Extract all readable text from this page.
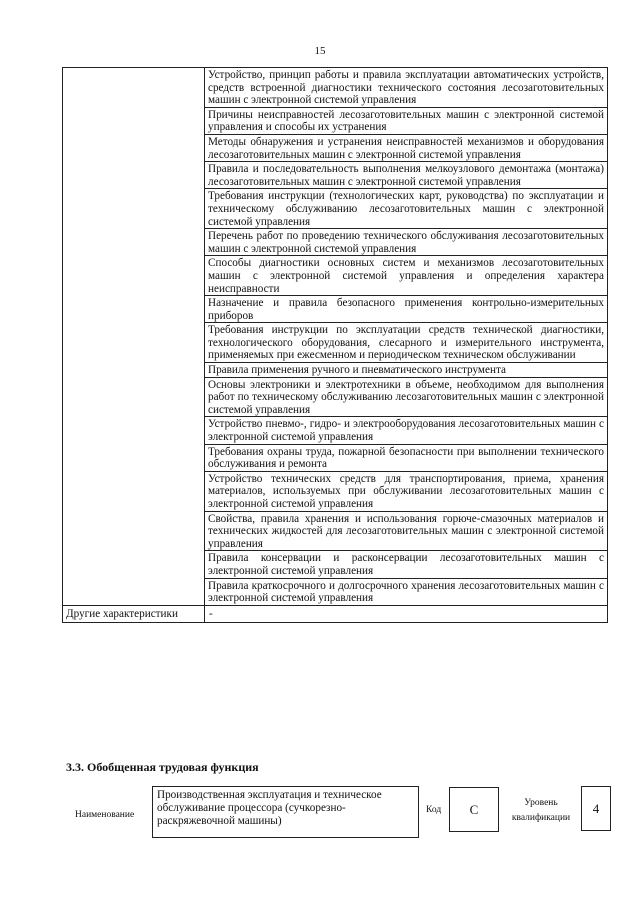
15
	Устройство, принцип работы и правила эксплуатации автоматических устройств, средств встроенной диагностики технического состояния лесозаготовительных машин с электронной системой управления
	Причины неисправностей лесозаготовительных машин с электронной системой управления и способы их устранения
	Методы обнаружения и устранения неисправностей механизмов и оборудования лесозаготовительных машин с электронной системой управления
	Правила и последовательность выполнения мелкоузлового демонтажа (монтажа) лесозаготовительных машин с электронной системой управления
	Требования инструкции (технологических карт, руководства) по эксплуатации и техническому обслуживанию лесозаготовительных машин с электронной системой управления
	Перечень работ по проведению технического обслуживания лесозаготовительных машин с электронной системой управления
	Способы диагностики основных систем и механизмов лесозаготовительных машин с электронной системой управления и определения характера неисправности
	Назначение и правила безопасного применения контрольно-измерительных приборов
	Требования инструкции по эксплуатации средств технической диагностики, технологического оборудования, слесарного и измерительного инструмента, применяемых при ежесменном и периодическом техническом обслуживании
	Правила применения ручного и пневматического инструмента
	Основы электроники и электротехники в объеме, необходимом для выполнения работ по техническому обслуживанию лесозаготовительных машин с электронной системой управления
	Устройство пневмо-, гидро- и электрооборудования лесозаготовительных машин с электронной системой управления
	Требования охраны труда, пожарной безопасности при выполнении технического обслуживания и ремонта
	Устройство технических средств для транспортирования, приема, хранения материалов, используемых при обслуживании лесозаготовительных машин с электронной системой управления
	Свойства, правила хранения и использования горюче-смазочных материалов и технических жидкостей для лесозаготовительных машин с электронной системой управления
	Правила консервации и расконсервации лесозаготовительных машин с электронной системой управления
	Правила краткосрочного и долгосрочного хранения лесозаготовительных машин с электронной системой управления
Другие характеристики	-
3.3. Обобщенная трудовая функция
Наименование
Производственная эксплуатация и техническое обслуживание процессора (сучкорезно-раскряжевочной машины)
Код C	Уровень квалификации
4
